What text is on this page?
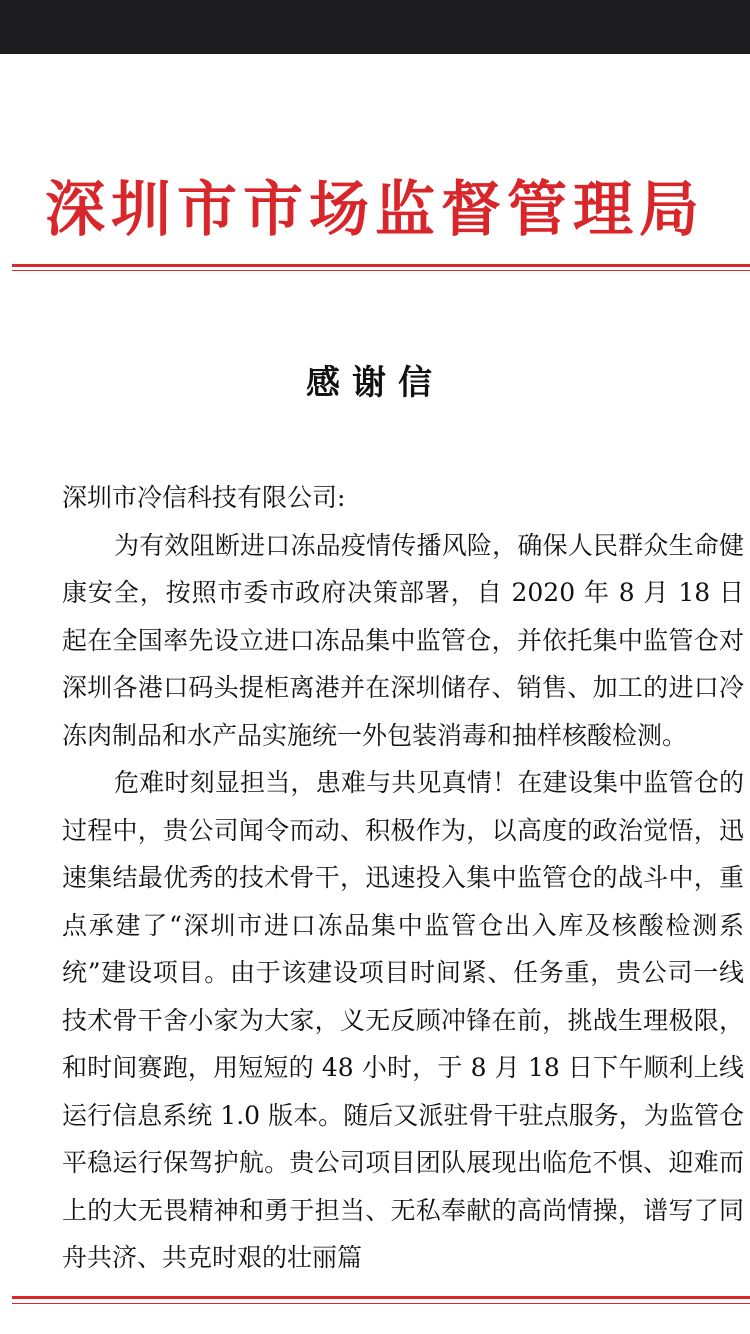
深圳市市场监督管理局
感谢信

深圳市冷信科技有限公司:

为有效阻断进口冻品疫情传播风险，确保人民群众生命健康安全，按照市委市政府决策部署，自 2020 年 8 月 18 日起在全国率先设立进口冻品集中监管仓，并依托集中监管仓对深圳各港口码头提柜离港并在深圳储存、销售、加工的进口冷冻肉制品和水产品实施统一外包装消毒和抽样核酸检测。

危难时刻显担当，患难与共见真情！在建设集中监管仓的过程中，贵公司闻令而动、积极作为，以高度的政治觉悟，迅速集结最优秀的技术骨干，迅速投入集中监管仓的战斗中，重点承建了“深圳市进口冻品集中监管仓出入库及核酸检测系统”建设项目。由于该建设项目时间紧、任务重，贵公司一线技术骨干舍小家为大家，义无反顾冲锋在前，挑战生理极限，和时间赛跑，用短短的 48 小时，于 8 月 18 日下午顺利上线运行信息系统 1.0 版本。随后又派驻骨干驻点服务，为监管仓平稳运行保驾护航。贵公司项目团队展现出临危不惧、迎难而上的大无畏精神和勇于担当、无私奉献的高尚情操，谱写了同舟共济、共克时艰的壮丽篇
